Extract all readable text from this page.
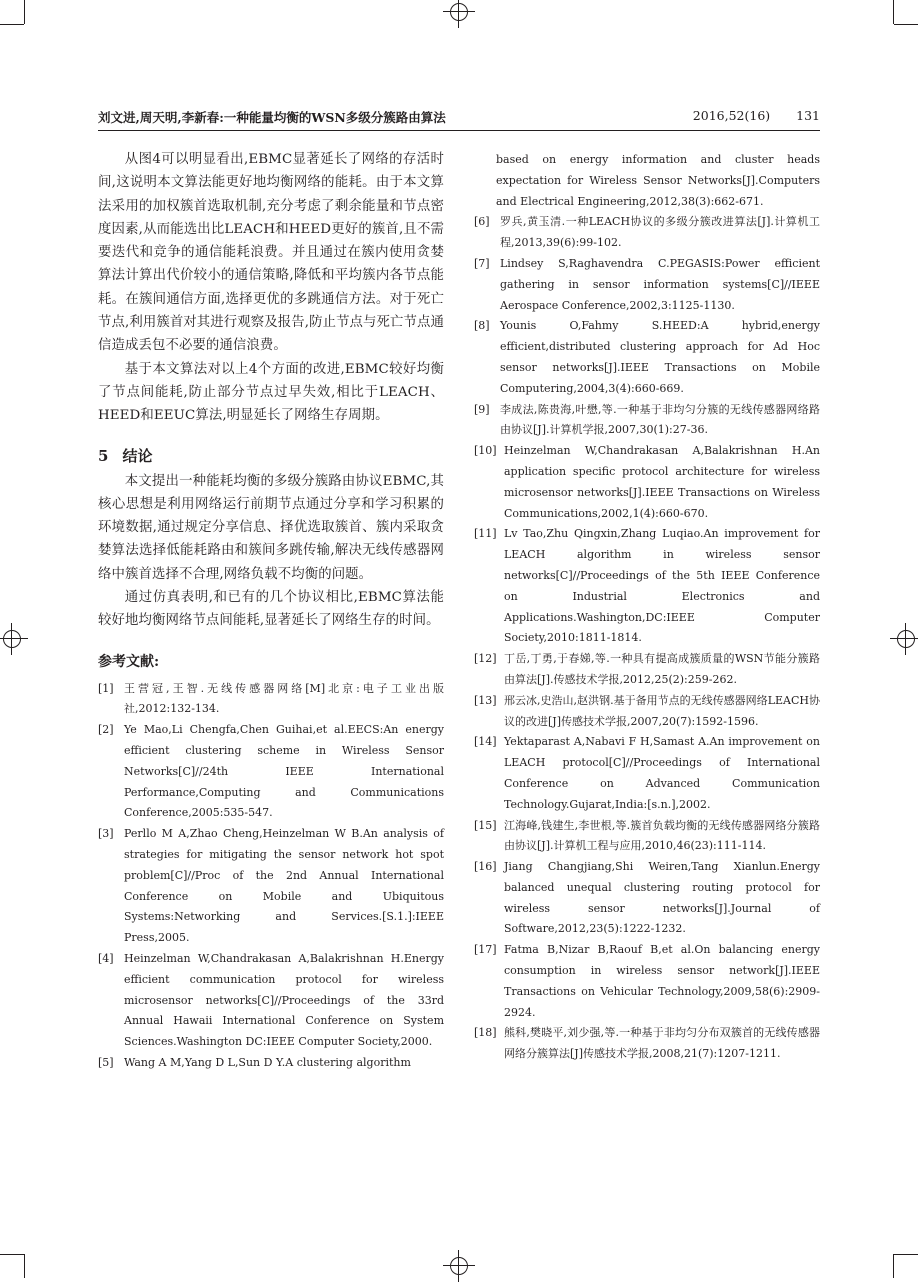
刘文进,周天明,李新春:一种能量均衡的WSN多级分簇路由算法	2016,52(16) 131

从图4可以明显看出,EBMC显著延长了网络的存活时间,这说明本文算法能更好地均衡网络的能耗。由于本文算法采用的加权簇首选取机制,充分考虑了剩余能量和节点密度因素,从而能选出比LEACH和HEED更好的簇首,且不需要迭代和竞争的通信能耗浪费。并且通过在簇内使用贪婪算法计算出代价较小的通信策略,降低和平均簇内各节点能耗。在簇间通信方面,选择更优的多跳通信方法。对于死亡节点,利用簇首对其进行观察及报告,防止节点与死亡节点通信造成丢包不必要的通信浪费。

基于本文算法对以上4个方面的改进,EBMC较好均衡了节点间能耗,防止部分节点过早失效,相比于LEACH、HEED和EEUC算法,明显延长了网络生存周期。

5 结论

本文提出一种能耗均衡的多级分簇路由协议EBMC,其核心思想是利用网络运行前期节点通过分享和学习积累的环境数据,通过规定分享信息、择优选取簇首、簇内采取贪婪算法选择低能耗路由和簇间多跳传输,解决无线传感器网络中簇首选择不合理,网络负载不均衡的问题。

通过仿真表明,和已有的几个协议相比,EBMC算法能较好地均衡网络节点间能耗,显著延长了网络生存的时间。

参考文献:
[1] 王营冠,王智.无线传感器网络[M]北京:电子工业出版社,2012:132-134.
[2] Ye Mao,Li Chengfa,Chen Guihai,et al.EECS:An energy efficient clustering scheme in Wireless Sensor Networks[C]//24th IEEE International Performance,Computing and Communications Conference,2005:535-547.
[3] Perllo M A,Zhao Cheng,Heinzelman W B.An analysis of strategies for mitigating the sensor network hot spot problem[C]//Proc of the 2nd Annual International Conference on Mobile and Ubiquitous Systems:Networking and Services.[S.1.]:IEEE Press,2005.
[4] Heinzelman W,Chandrakasan A,Balakrishnan H.Energy efficient communication protocol for wireless microsensor networks[C]//Proceedings of the 33rd Annual Hawaii International Conference on System Sciences.Washington DC:IEEE Computer Society,2000.
[5] Wang A M,Yang D L,Sun D Y.A clustering algorithm
based on energy information and cluster heads expectation for Wireless Sensor Networks[J].Computers and Electrical Engineering,2012,38(3):662-671.
[6] 罗兵,黄玉清.一种LEACH协议的多级分簇改进算法[J].计算机工程,2013,39(6):99-102.
[7] Lindsey S,Raghavendra C.PEGASIS:Power efficient gathering in sensor information systems[C]//IEEE Aerospace Conference,2002,3:1125-1130.
[8] Younis O,Fahmy S.HEED:A hybrid,energy efficient,distributed clustering approach for Ad Hoc sensor networks[J].IEEE Transactions on Mobile Computering,2004,3(4):660-669.
[9] 李成法,陈贵海,叶懋,等.一种基于非均匀分簇的无线传感器网络路由协议[J].计算机学报,2007,30(1):27-36.
[10] Heinzelman W,Chandrakasan A,Balakrishnan H.An application specific protocol architecture for wireless microsensor networks[J].IEEE Transactions on Wireless Communications,2002,1(4):660-670.
[11] Lv Tao,Zhu Qingxin,Zhang Luqiao.An improvement for LEACH algorithm in wireless sensor networks[C]//Proceedings of the 5th IEEE Conference on Industrial Electronics and Applications.Washington,DC:IEEE Computer Society,2010:1811-1814.
[12] 丁岳,丁勇,于春娣,等.一种具有提高成簇质量的WSN节能分簇路由算法[J].传感技术学报,2012,25(2):259-262.
[13] 邢云冰,史浩山,赵洪钢.基于备用节点的无线传感器网络LEACH协议的改进[J]传感技术学报,2007,20(7):1592-1596.
[14] Yektaparast A,Nabavi F H,Samast A.An improvement on LEACH protocol[C]//Proceedings of International Conference on Advanced Communication Technology.Gujarat,India:[s.n.],2002.
[15] 江海峰,钱建生,李世根,等.簇首负载均衡的无线传感器网络分簇路由协议[J].计算机工程与应用,2010,46(23):111-114.
[16] Jiang Changjiang,Shi Weiren,Tang Xianlun.Energy balanced unequal clustering routing protocol for wireless sensor networks[J].Journal of Software,2012,23(5):1222-1232.
[17] Fatma B,Nizar B,Raouf B,et al.On balancing energy consumption in wireless sensor network[J].IEEE Transactions on Vehicular Technology,2009,58(6):2909-2924.
[18] 熊科,樊晓平,刘少强,等.一种基于非均匀分布双簇首的无线传感器网络分簇算法[J]传感技术学报,2008,21(7):1207-1211.
